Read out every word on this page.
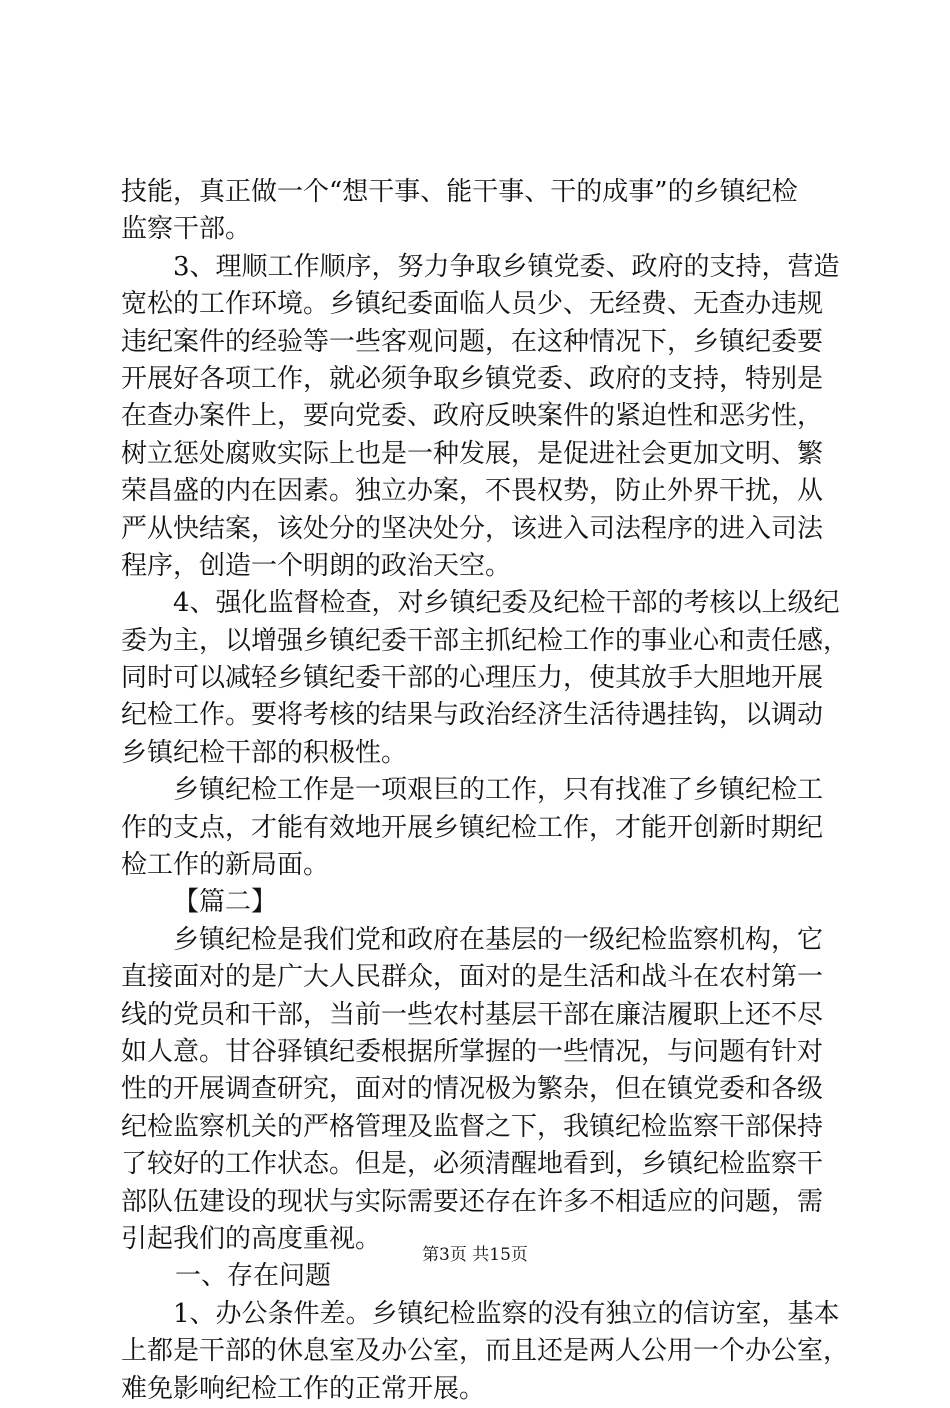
技能，真正做一个“想干事、能干事、干的成事”的乡镇纪检
监察干部。
3、理顺工作顺序，努力争取乡镇党委、政府的支持，营造
宽松的工作环境。乡镇纪委面临人员少、无经费、无查办违规
违纪案件的经验等一些客观问题，在这种情况下，乡镇纪委要
开展好各项工作，就必须争取乡镇党委、政府的支持，特别是
在查办案件上，要向党委、政府反映案件的紧迫性和恶劣性，
树立惩处腐败实际上也是一种发展，是促进社会更加文明、繁
荣昌盛的内在因素。独立办案，不畏权势，防止外界干扰，从
严从快结案，该处分的坚决处分，该进入司法程序的进入司法
程序，创造一个明朗的政治天空。
4、强化监督检查，对乡镇纪委及纪检干部的考核以上级纪
委为主，以增强乡镇纪委干部主抓纪检工作的事业心和责任感，
同时可以减轻乡镇纪委干部的心理压力，使其放手大胆地开展
纪检工作。要将考核的结果与政治经济生活待遇挂钩，以调动
乡镇纪检干部的积极性。
乡镇纪检工作是一项艰巨的工作，只有找准了乡镇纪检工
作的支点，才能有效地开展乡镇纪检工作，才能开创新时期纪
检工作的新局面。
【篇二】
乡镇纪检是我们党和政府在基层的一级纪检监察机构，它
直接面对的是广大人民群众，面对的是生活和战斗在农村第一
线的党员和干部，当前一些农村基层干部在廉洁履职上还不尽
如人意。甘谷驿镇纪委根据所掌握的一些情况，与问题有针对
性的开展调查研究，面对的情况极为繁杂，但在镇党委和各级
纪检监察机关的严格管理及监督之下，我镇纪检监察干部保持
了较好的工作状态。但是，必须清醒地看到，乡镇纪检监察干
部队伍建设的现状与实际需要还存在许多不相适应的问题，需
引起我们的高度重视。
一、存在问题
1、办公条件差。乡镇纪检监察的没有独立的信访室，基本
上都是干部的休息室及办公室，而且还是两人公用一个办公室，
难免影响纪检工作的正常开展。
第3页 共15页
